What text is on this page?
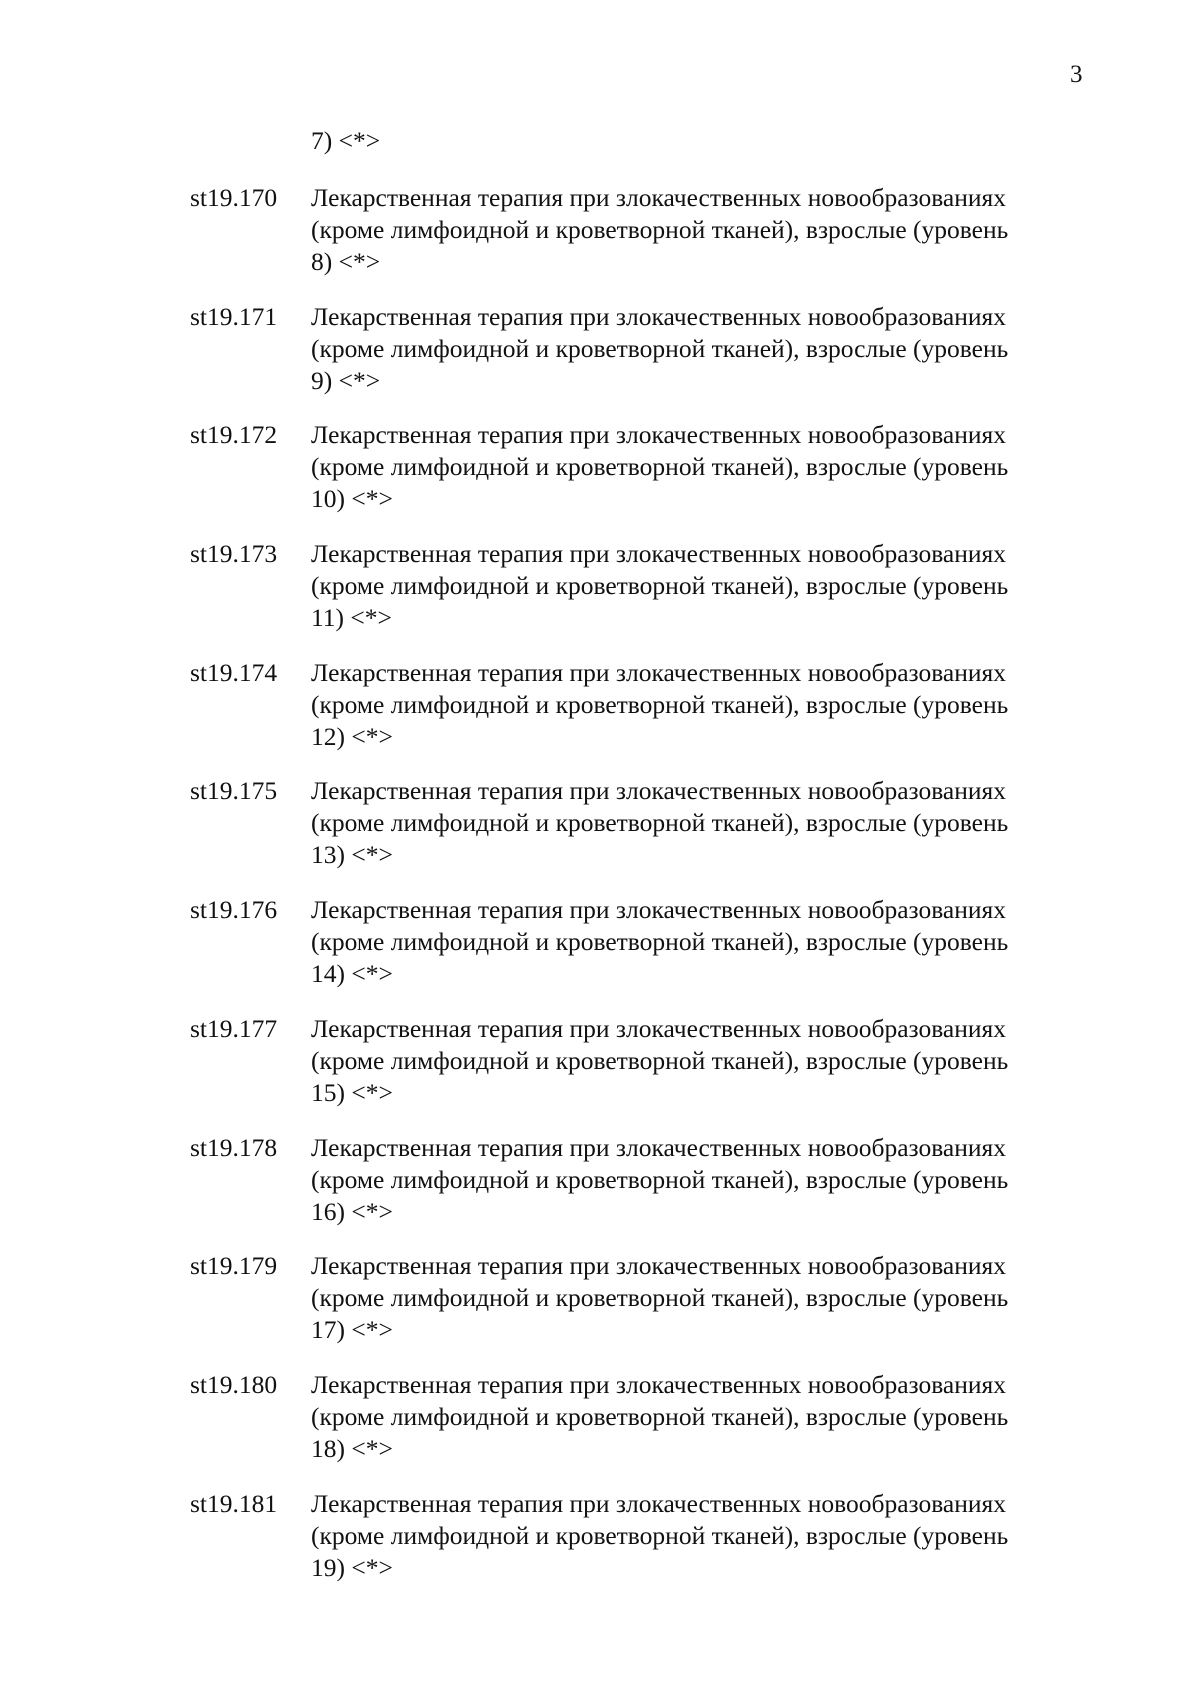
3
7) <*>
st19.170 Лекарственная терапия при злокачественных новообразованиях
(кроме лимфоидной и кроветворной тканей), взрослые (уровень
8) <*>
st19.171 Лекарственная терапия при злокачественных новообразованиях
(кроме лимфоидной и кроветворной тканей), взрослые (уровень
9) <*>
st19.172 Лекарственная терапия при злокачественных новообразованиях
(кроме лимфоидной и кроветворной тканей), взрослые (уровень
10) <*>
st19.173 Лекарственная терапия при злокачественных новообразованиях
(кроме лимфоидной и кроветворной тканей), взрослые (уровень
11) <*>
st19.174 Лекарственная терапия при злокачественных новообразованиях
(кроме лимфоидной и кроветворной тканей), взрослые (уровень
12) <*>
st19.175 Лекарственная терапия при злокачественных новообразованиях
(кроме лимфоидной и кроветворной тканей), взрослые (уровень
13) <*>
st19.176 Лекарственная терапия при злокачественных новообразованиях
(кроме лимфоидной и кроветворной тканей), взрослые (уровень
14) <*>
st19.177 Лекарственная терапия при злокачественных новообразованиях
(кроме лимфоидной и кроветворной тканей), взрослые (уровень
15) <*>
st19.178 Лекарственная терапия при злокачественных новообразованиях
(кроме лимфоидной и кроветворной тканей), взрослые (уровень
16) <*>
st19.179 Лекарственная терапия при злокачественных новообразованиях
(кроме лимфоидной и кроветворной тканей), взрослые (уровень
17) <*>
st19.180 Лекарственная терапия при злокачественных новообразованиях
(кроме лимфоидной и кроветворной тканей), взрослые (уровень
18) <*>
st19.181 Лекарственная терапия при злокачественных новообразованиях
(кроме лимфоидной и кроветворной тканей), взрослые (уровень
19) <*>
